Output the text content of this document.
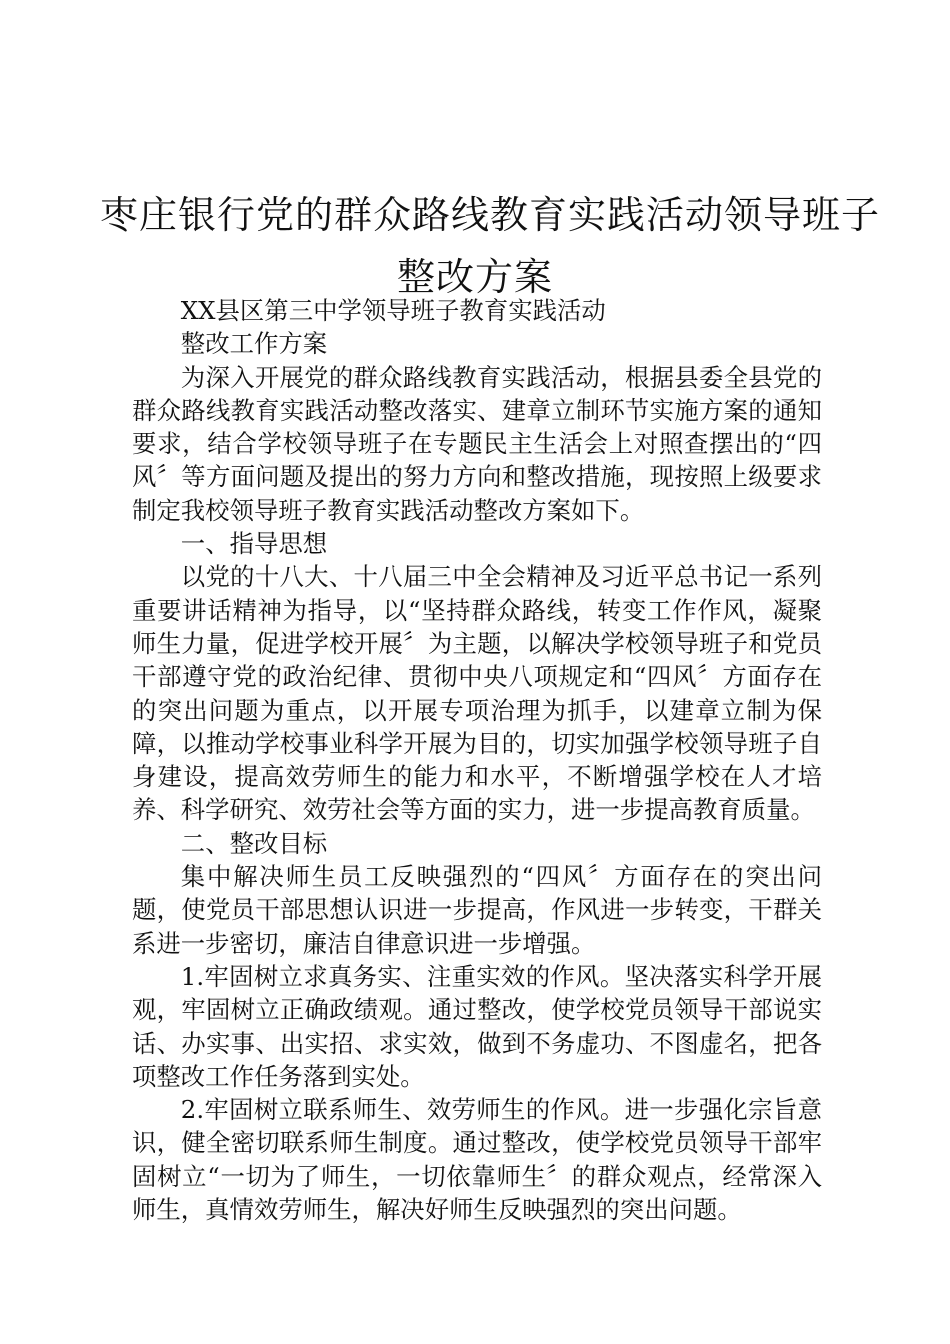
枣庄银行党的群众路线教育实践活动领导班子
整改方案

XX县区第三中学领导班子教育实践活动

整改工作方案

为深入开展党的群众路线教育实践活动，根据县委全县党的群众路线教育实践活动整改落实、建章立制环节实施方案的通知要求，结合学校领导班子在专题民主生活会上对照查摆出的“四风〞等方面问题及提出的努力方向和整改措施，现按照上级要求制定我校领导班子教育实践活动整改方案如下。

一、指导思想

以党的十八大、十八届三中全会精神及习近平总书记一系列重要讲话精神为指导，以“坚持群众路线，转变工作作风，凝聚师生力量，促进学校开展〞为主题，以解决学校领导班子和党员干部遵守党的政治纪律、贯彻中央八项规定和“四风〞方面存在的突出问题为重点，以开展专项治理为抓手，以建章立制为保障，以推动学校事业科学开展为目的，切实加强学校领导班子自身建设，提高效劳师生的能力和水平，不断增强学校在人才培养、科学研究、效劳社会等方面的实力，进一步提高教育质量。

二、整改目标

集中解决师生员工反映强烈的“四风〞方面存在的突出问题，使党员干部思想认识进一步提高，作风进一步转变，干群关系进一步密切，廉洁自律意识进一步增强。

1.牢固树立求真务实、注重实效的作风。坚决落实科学开展观，牢固树立正确政绩观。通过整改，使学校党员领导干部说实话、办实事、出实招、求实效，做到不务虚功、不图虚名，把各项整改工作任务落到实处。

2.牢固树立联系师生、效劳师生的作风。进一步强化宗旨意识，健全密切联系师生制度。通过整改，使学校党员领导干部牢固树立“一切为了师生，一切依靠师生〞的群众观点，经常深入师生，真情效劳师生，解决好师生反映强烈的突出问题。
